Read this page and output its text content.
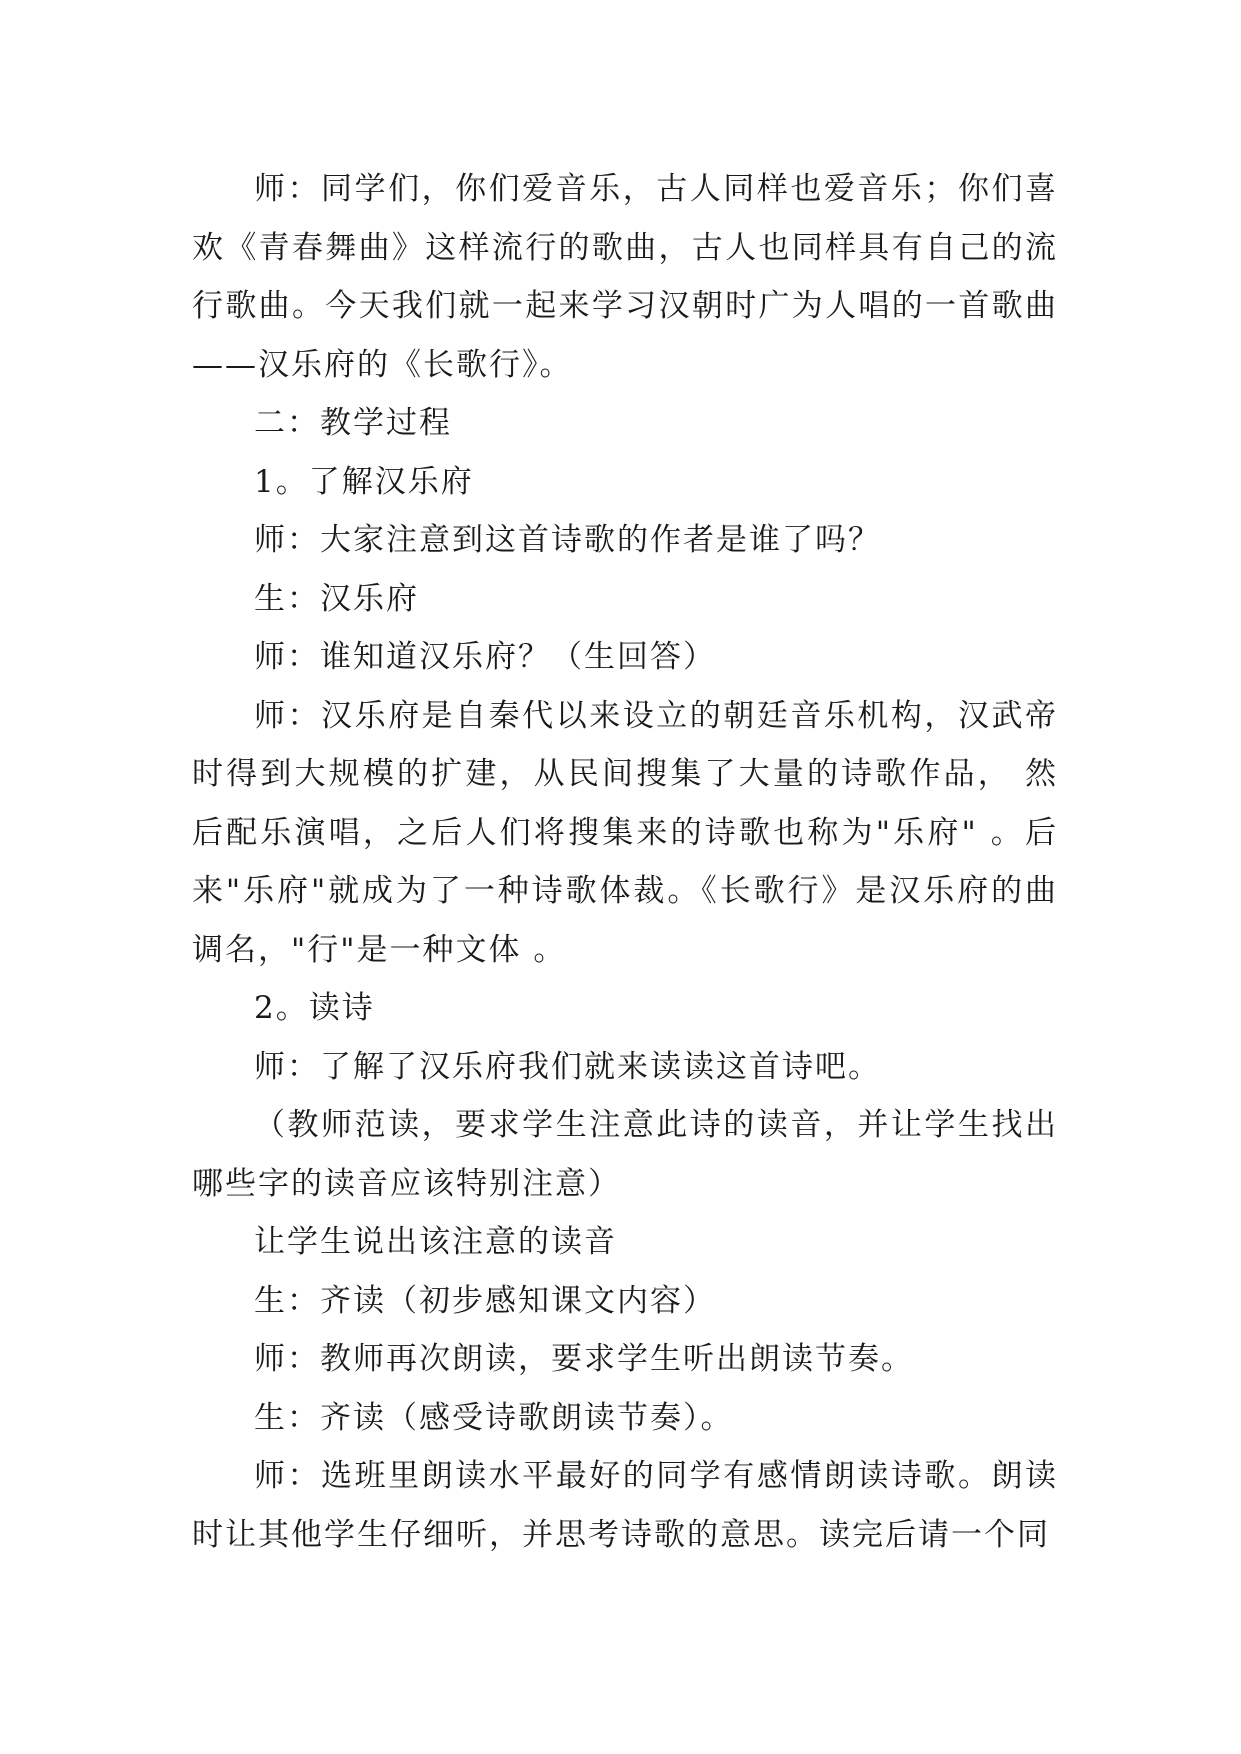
师：同学们，你们爱音乐，古人同样也爱音乐；你们喜欢《青春舞曲》这样流行的歌曲，古人也同样具有自己的流行歌曲。今天我们就一起来学习汉朝时广为人唱的一首歌曲——汉乐府的《长歌行》。

二：教学过程

1。了解汉乐府

师：大家注意到这首诗歌的作者是谁了吗？

生：汉乐府

师：谁知道汉乐府？（生回答）

师：汉乐府是自秦代以来设立的朝廷音乐机构，汉武帝时得到大规模的扩建，从民间搜集了大量的诗歌作品， 然后配乐演唱，之后人们将搜集来的诗歌也称为"乐府" 。后来"乐府"就成为了一种诗歌体裁。《长歌行》是汉乐府的曲调名，"行"是一种文体 。

2。读诗

师：了解了汉乐府我们就来读读这首诗吧。

（教师范读，要求学生注意此诗的读音，并让学生找出哪些字的读音应该特别注意）

让学生说出该注意的读音

生：齐读（初步感知课文内容）

师：教师再次朗读，要求学生听出朗读节奏。

生：齐读（感受诗歌朗读节奏）。

师：选班里朗读水平最好的同学有感情朗读诗歌。朗读时让其他学生仔细听，并思考诗歌的意思。读完后请一个同
